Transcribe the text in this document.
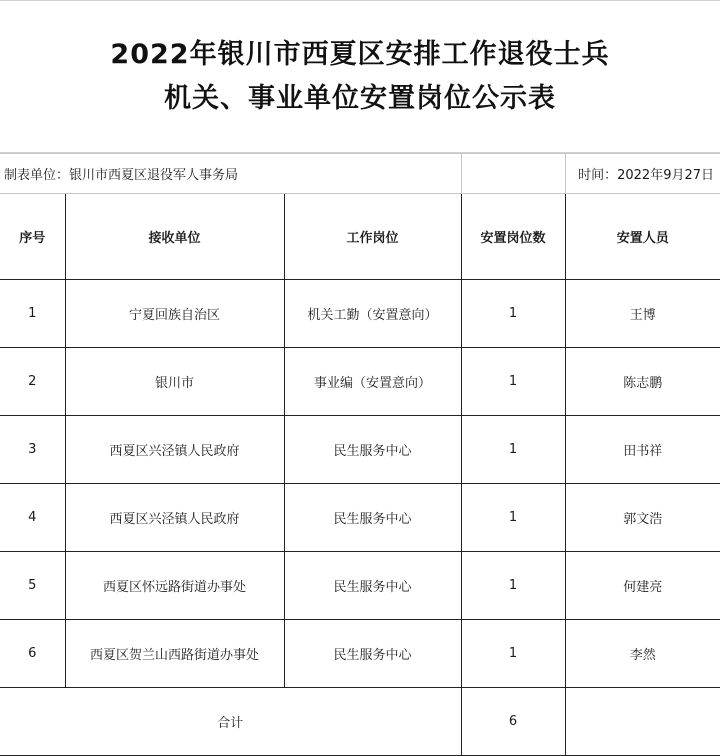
2022年银川市西夏区安排工作退役士兵
机关、事业单位安置岗位公示表
制表单位：银川市西夏区退役军人事务局				时间：2022年9月27日
序号	接收单位	工作岗位	安置岗位数	安置人员
1	宁夏回族自治区	机关工勤（安置意向）	1	王博
2	银川市	事业编（安置意向）	1	陈志鹏
3	西夏区兴泾镇人民政府	民生服务中心	1	田书祥
4	西夏区兴泾镇人民政府	民生服务中心	1	郭文浩
5	西夏区怀远路街道办事处	民生服务中心	1	何建亮
6	西夏区贺兰山西路街道办事处	民生服务中心	1	李然
合计			6	
